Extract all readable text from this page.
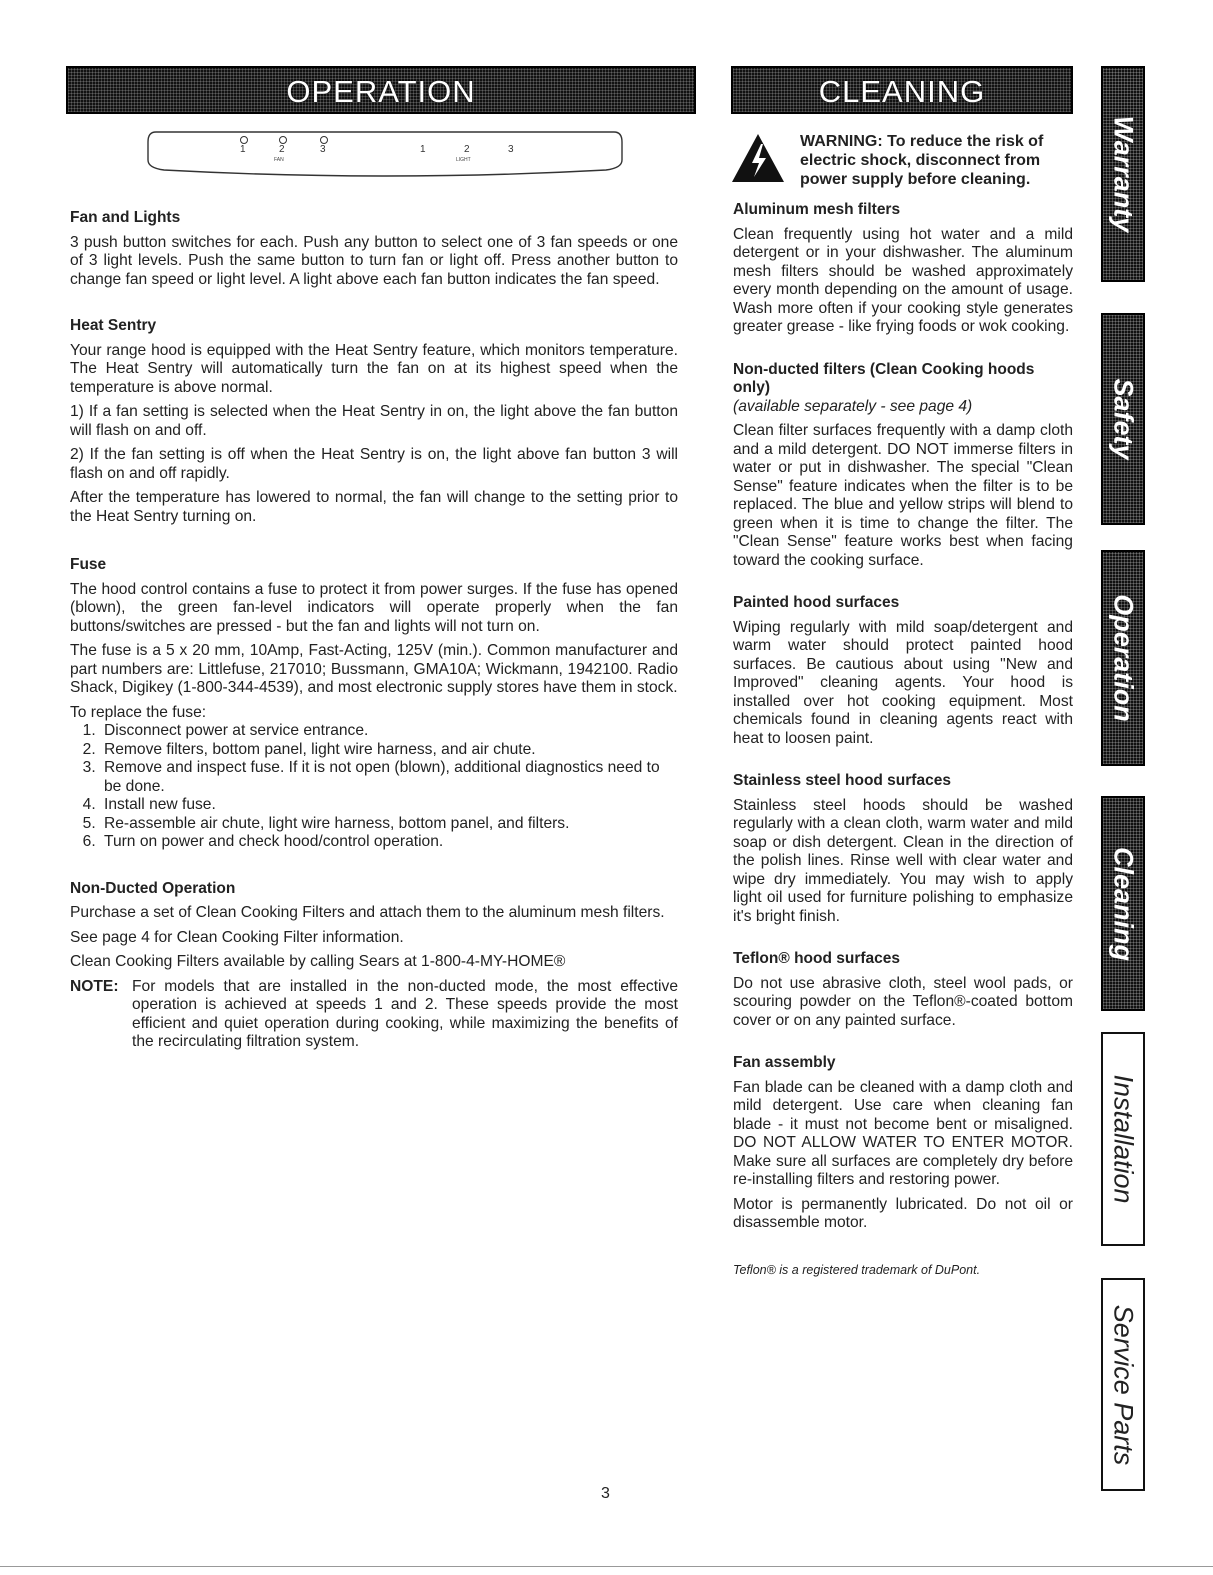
OPERATION	CLEANING
1	2	3	1	2	3
FAN	LIGHT
Fan and Lights

3 push button switches for each. Push any button to select one of 3 fan speeds or one of 3 light levels. Push the same button to turn fan or light off. Press another button to change fan speed or light level. A light above each fan button indicates the fan speed.

Heat Sentry

Your range hood is equipped with the Heat Sentry feature, which monitors temperature. The Heat Sentry will automatically turn the fan on at its highest speed when the temperature is above normal.

1) If a fan setting is selected when the Heat Sentry in on, the light above the fan button will flash on and off.

2) If the fan setting is off when the Heat Sentry is on, the light above fan button 3 will flash on and off rapidly.

After the temperature has lowered to normal, the fan will change to the setting prior to the Heat Sentry turning on.

Fuse

The hood control contains a fuse to protect it from power surges. If the fuse has opened (blown), the green fan-level indicators will operate properly when the fan buttons/switches are pressed - but the fan and lights will not turn on.

The fuse is a 5 x 20 mm, 10Amp, Fast-Acting, 125V (min.). Common manufacturer and part numbers are: Littlefuse, 217010; Bussmann, GMA10A; Wickmann, 1942100. Radio Shack, Digikey (1-800-344-4539), and most electronic supply stores have them in stock.

To replace the fuse:

1. Disconnect power at service entrance.
2. Remove filters, bottom panel, light wire harness, and air chute.
3. Remove and inspect fuse. If it is not open (blown), additional diagnostics need to be done.
4. Install new fuse.
5. Re-assemble air chute, light wire harness, bottom panel, and filters.
6. Turn on power and check hood/control operation.
Non-Ducted Operation

Purchase a set of Clean Cooking Filters and attach them to the aluminum mesh filters.

See page 4 for Clean Cooking Filter information.

Clean Cooking Filters available by calling Sears at 1-800-4-MY-HOME®

NOTE: For models that are installed in the non-ducted mode, the most effective operation is achieved at speeds 1 and 2. These speeds provide the most efficient and quiet operation during cooking, while maximizing the benefits of the recirculating filtration system.

WARNING: To reduce the risk of electric shock, disconnect from power supply before cleaning.
Aluminum mesh filters

Clean frequently using hot water and a mild detergent or in your dishwasher. The aluminum mesh filters should be washed approximately every month depending on the amount of usage. Wash more often if your cooking style generates greater grease - like frying foods or wok cooking.

Non-ducted filters (Clean Cooking hoods only)

(available separately - see page 4)

Clean filter surfaces frequently with a damp cloth and a mild detergent. DO NOT immerse filters in water or put in dishwasher. The special "Clean Sense" feature indicates when the filter is to be replaced. The blue and yellow strips will blend to green when it is time to change the filter. The "Clean Sense" feature works best when facing toward the cooking surface.

Painted hood surfaces

Wiping regularly with mild soap/detergent and warm water should protect painted hood surfaces. Be cautious about using "New and Improved" cleaning agents. Your hood is installed over hot cooking equipment. Most chemicals found in cleaning agents react with heat to loosen paint.

Stainless steel hood surfaces

Stainless steel hoods should be washed regularly with a clean cloth, warm water and mild soap or dish detergent. Clean in the direction of the polish lines. Rinse well with clear water and wipe dry immediately. You may wish to apply light oil used for furniture polishing to emphasize it's bright finish.

Teflon® hood surfaces

Do not use abrasive cloth, steel wool pads, or scouring powder on the Teflon®-coated bottom cover or on any painted surface.

Fan assembly

Fan blade can be cleaned with a damp cloth and mild detergent. Use care when cleaning fan blade - it must not become bent or misaligned. DO NOT ALLOW WATER TO ENTER MOTOR. Make sure all surfaces are completely dry before re-installing filters and restoring power.

Motor is permanently lubricated. Do not oil or disassemble motor.

Teflon® is a registered trademark of DuPont.

Warranty
Safety
Operation
Cleaning
Installation
Service Parts
3
